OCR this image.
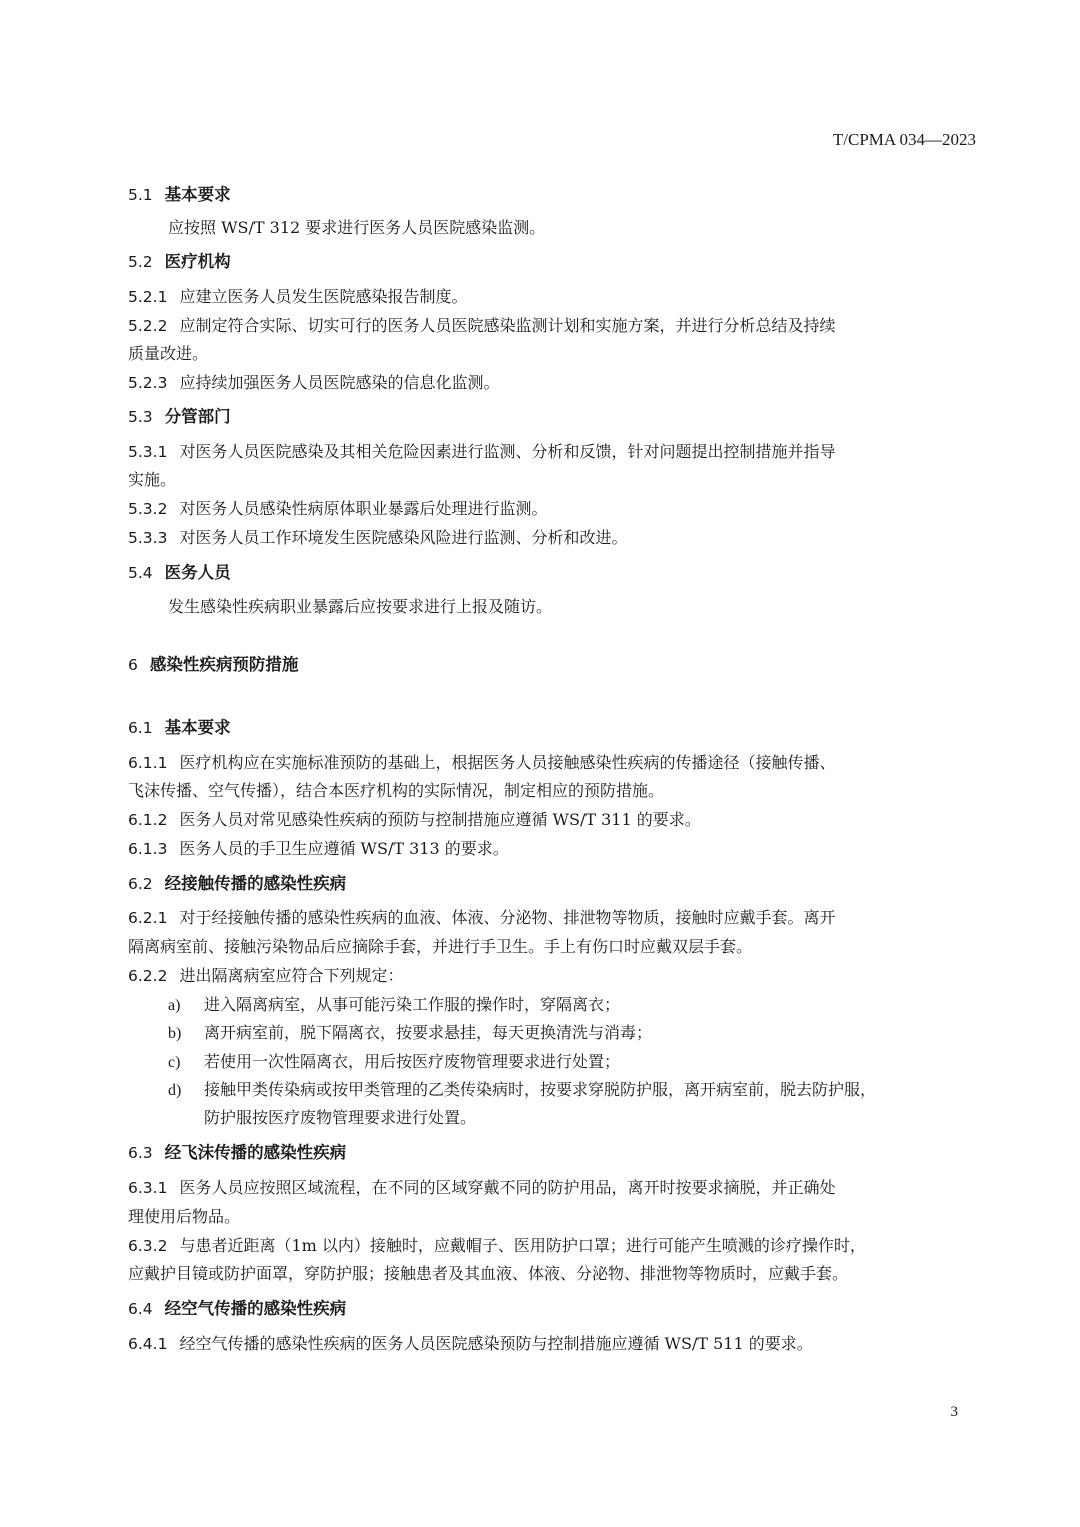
T/CPMA 034—2023
5.1 基本要求
应按照 WS/T 312 要求进行医务人员医院感染监测。
5.2 医疗机构
5.2.1 应建立医务人员发生医院感染报告制度。
5.2.2 应制定符合实际、切实可行的医务人员医院感染监测计划和实施方案，并进行分析总结及持续
质量改进。
5.2.3 应持续加强医务人员医院感染的信息化监测。
5.3 分管部门
5.3.1 对医务人员医院感染及其相关危险因素进行监测、分析和反馈，针对问题提出控制措施并指导
实施。
5.3.2 对医务人员感染性病原体职业暴露后处理进行监测。
5.3.3 对医务人员工作环境发生医院感染风险进行监测、分析和改进。
5.4 医务人员
发生感染性疾病职业暴露后应按要求进行上报及随访。
6 感染性疾病预防措施
6.1 基本要求
6.1.1 医疗机构应在实施标准预防的基础上，根据医务人员接触感染性疾病的传播途径（接触传播、
飞沫传播、空气传播），结合本医疗机构的实际情况，制定相应的预防措施。
6.1.2 医务人员对常见感染性疾病的预防与控制措施应遵循 WS/T 311 的要求。
6.1.3 医务人员的手卫生应遵循 WS/T 313 的要求。
6.2 经接触传播的感染性疾病
6.2.1 对于经接触传播的感染性疾病的血液、体液、分泌物、排泄物等物质，接触时应戴手套。离开
隔离病室前、接触污染物品后应摘除手套，并进行手卫生。手上有伤口时应戴双层手套。
6.2.2 进出隔离病室应符合下列规定：
a) 进入隔离病室，从事可能污染工作服的操作时，穿隔离衣；
b) 离开病室前，脱下隔离衣，按要求悬挂，每天更换清洗与消毒；
c) 若使用一次性隔离衣，用后按医疗废物管理要求进行处置；
d) 接触甲类传染病或按甲类管理的乙类传染病时，按要求穿脱防护服，离开病室前，脱去防护服，
防护服按医疗废物管理要求进行处置。
6.3 经飞沫传播的感染性疾病
6.3.1 医务人员应按照区域流程，在不同的区域穿戴不同的防护用品，离开时按要求摘脱，并正确处
理使用后物品。
6.3.2 与患者近距离（1m 以内）接触时，应戴帽子、医用防护口罩；进行可能产生喷溅的诊疗操作时，
应戴护目镜或防护面罩，穿防护服；接触患者及其血液、体液、分泌物、排泄物等物质时，应戴手套。
6.4 经空气传播的感染性疾病
6.4.1 经空气传播的感染性疾病的医务人员医院感染预防与控制措施应遵循 WS/T 511 的要求。
3
